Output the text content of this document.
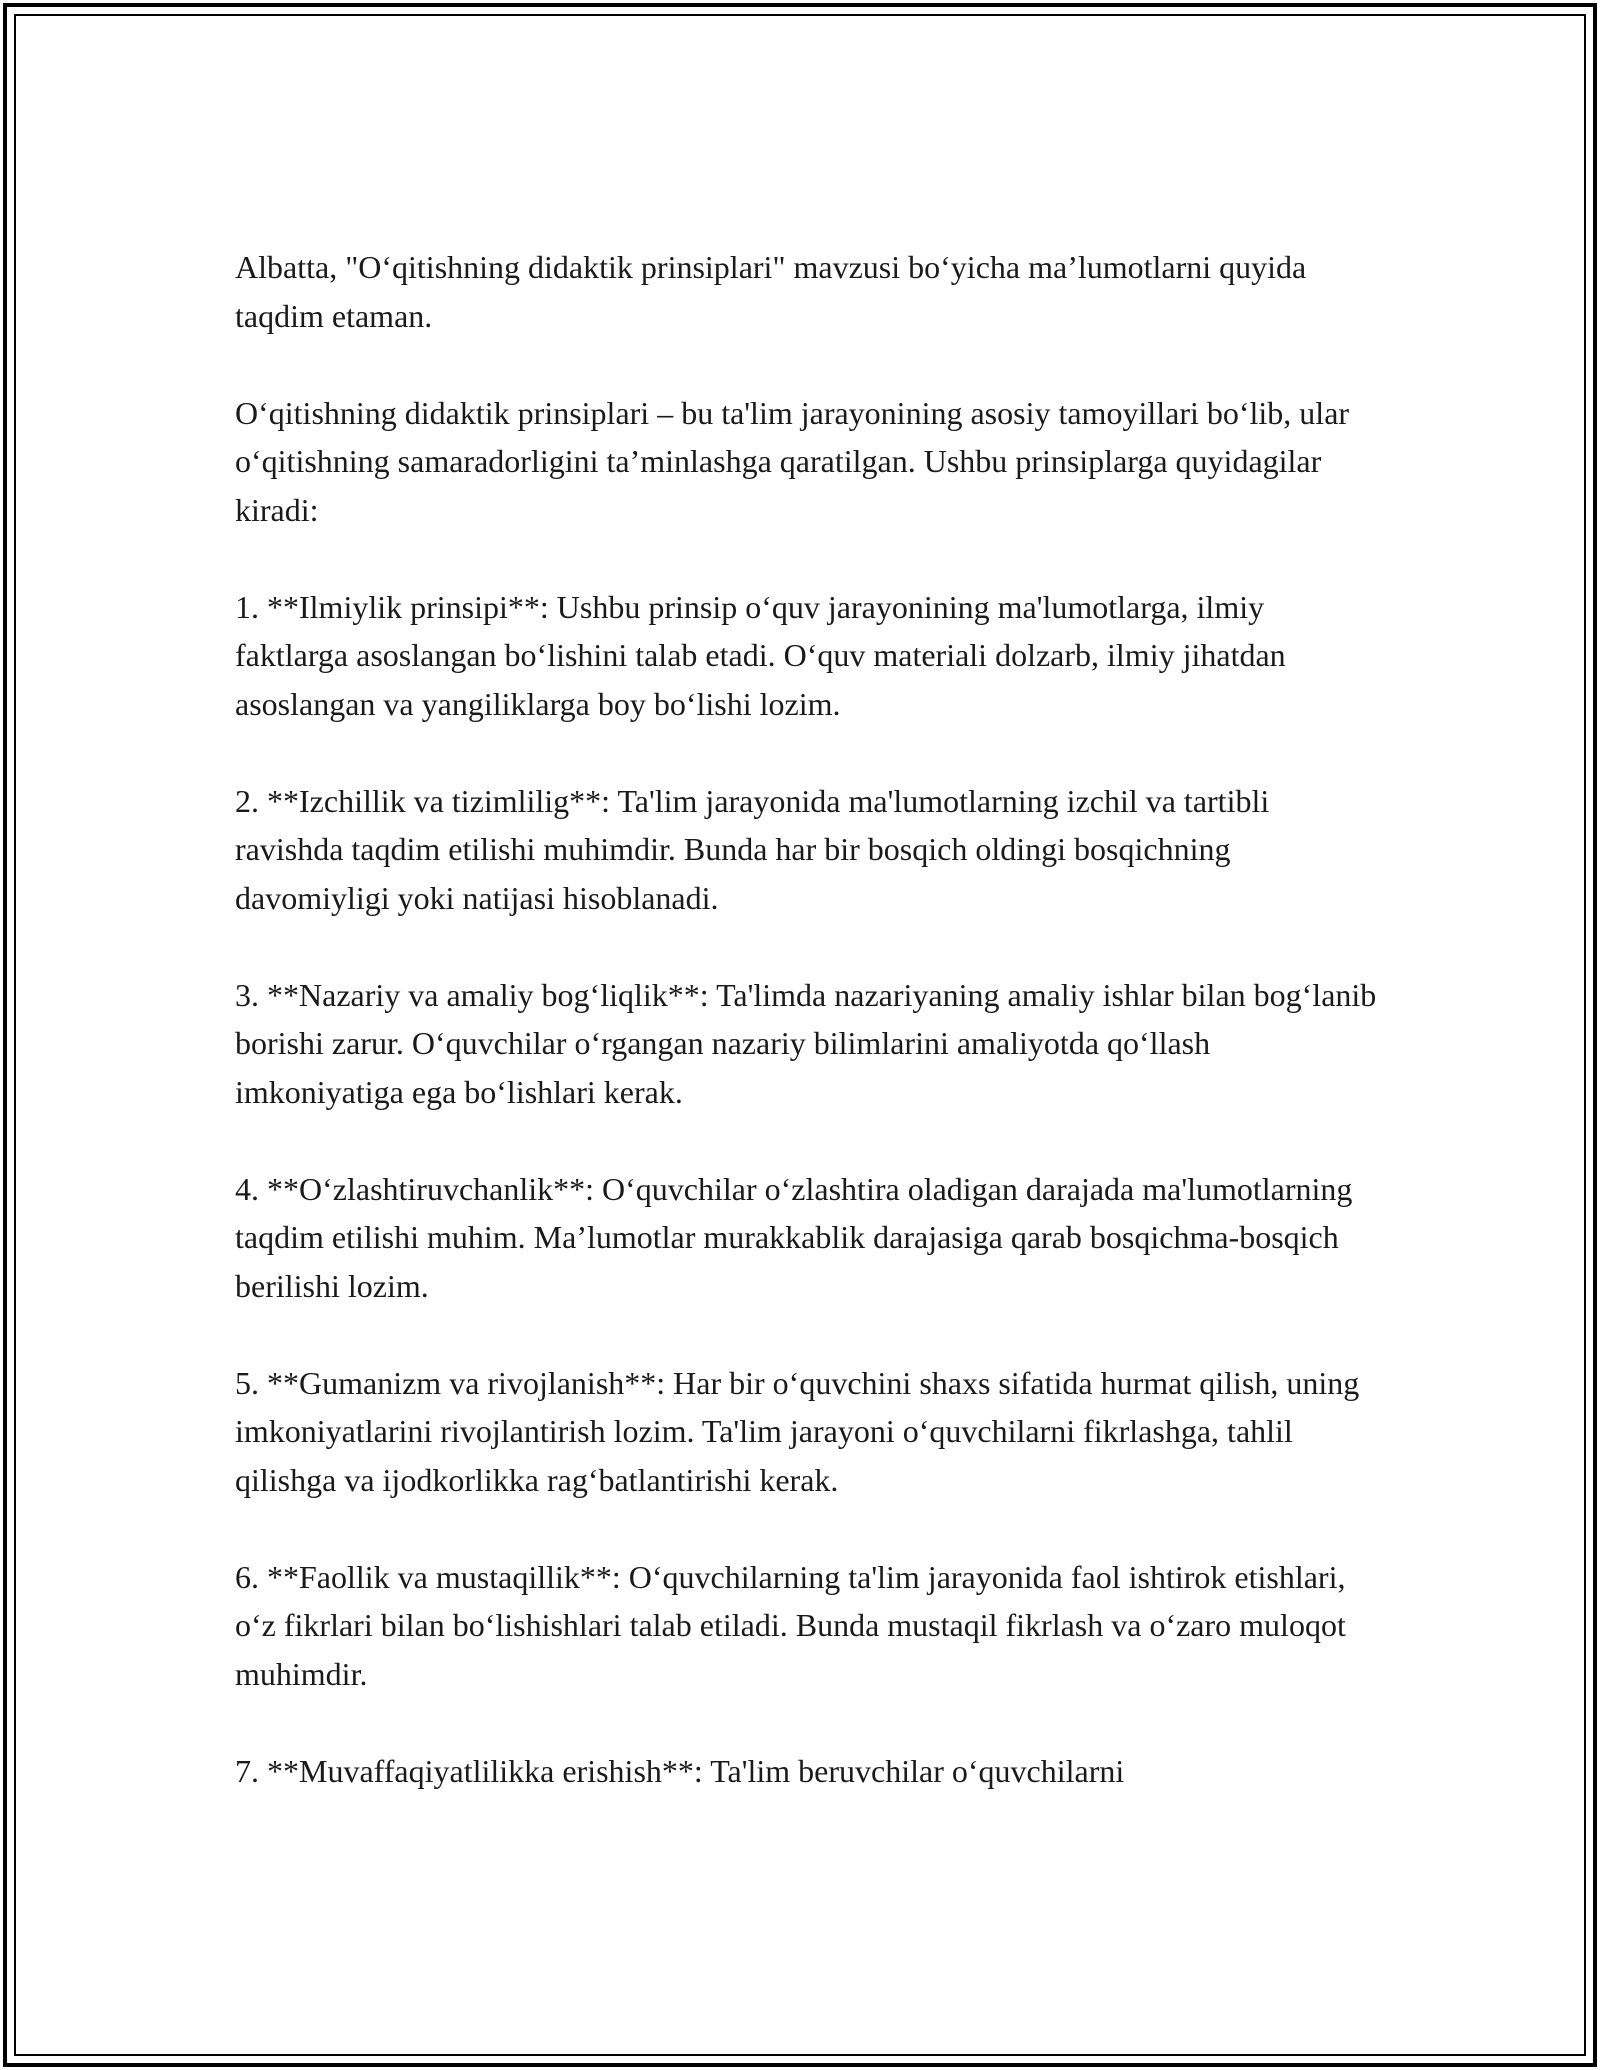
Albatta, "O‘qitishning didaktik prinsiplari" mavzusi bo‘yicha ma’lumotlarni quyida taqdim etaman.

O‘qitishning didaktik prinsiplari – bu ta'lim jarayonining asosiy tamoyillari bo‘lib, ular o‘qitishning samaradorligini ta’minlashga qaratilgan. Ushbu prinsiplarga quyidagilar kiradi:

1. **Ilmiylik prinsipi**: Ushbu prinsip o‘quv jarayonining ma'lumotlarga, ilmiy faktlarga asoslangan bo‘lishini talab etadi. O‘quv materiali dolzarb, ilmiy jihatdan asoslangan va yangiliklarga boy bo‘lishi lozim.

2. **Izchillik va tizimlilig**: Ta'lim jarayonida ma'lumotlarning izchil va tartibli ravishda taqdim etilishi muhimdir. Bunda har bir bosqich oldingi bosqichning davomiyligi yoki natijasi hisoblanadi.

3. **Nazariy va amaliy bog‘liqlik**: Ta'limda nazariyaning amaliy ishlar bilan bog‘lanib borishi zarur. O‘quvchilar o‘rgangan nazariy bilimlarini amaliyotda qo‘llash imkoniyatiga ega bo‘lishlari kerak.

4. **O‘zlashtiruvchanlik**: O‘quvchilar o‘zlashtira oladigan darajada ma'lumotlarning taqdim etilishi muhim. Ma’lumotlar murakkablik darajasiga qarab bosqichma-bosqich berilishi lozim.

5. **Gumanizm va rivojlanish**: Har bir o‘quvchini shaxs sifatida hurmat qilish, uning imkoniyatlarini rivojlantirish lozim. Ta'lim jarayoni o‘quvchilarni fikrlashga, tahlil qilishga va ijodkorlikka rag‘batlantirishi kerak.

6. **Faollik va mustaqillik**: O‘quvchilarning ta'lim jarayonida faol ishtirok etishlari, o‘z fikrlari bilan bo‘lishishlari talab etiladi. Bunda mustaqil fikrlash va o‘zaro muloqot muhimdir.

7. **Muvaffaqiyatlilikka erishish**: Ta'lim beruvchilar o‘quvchilarni
